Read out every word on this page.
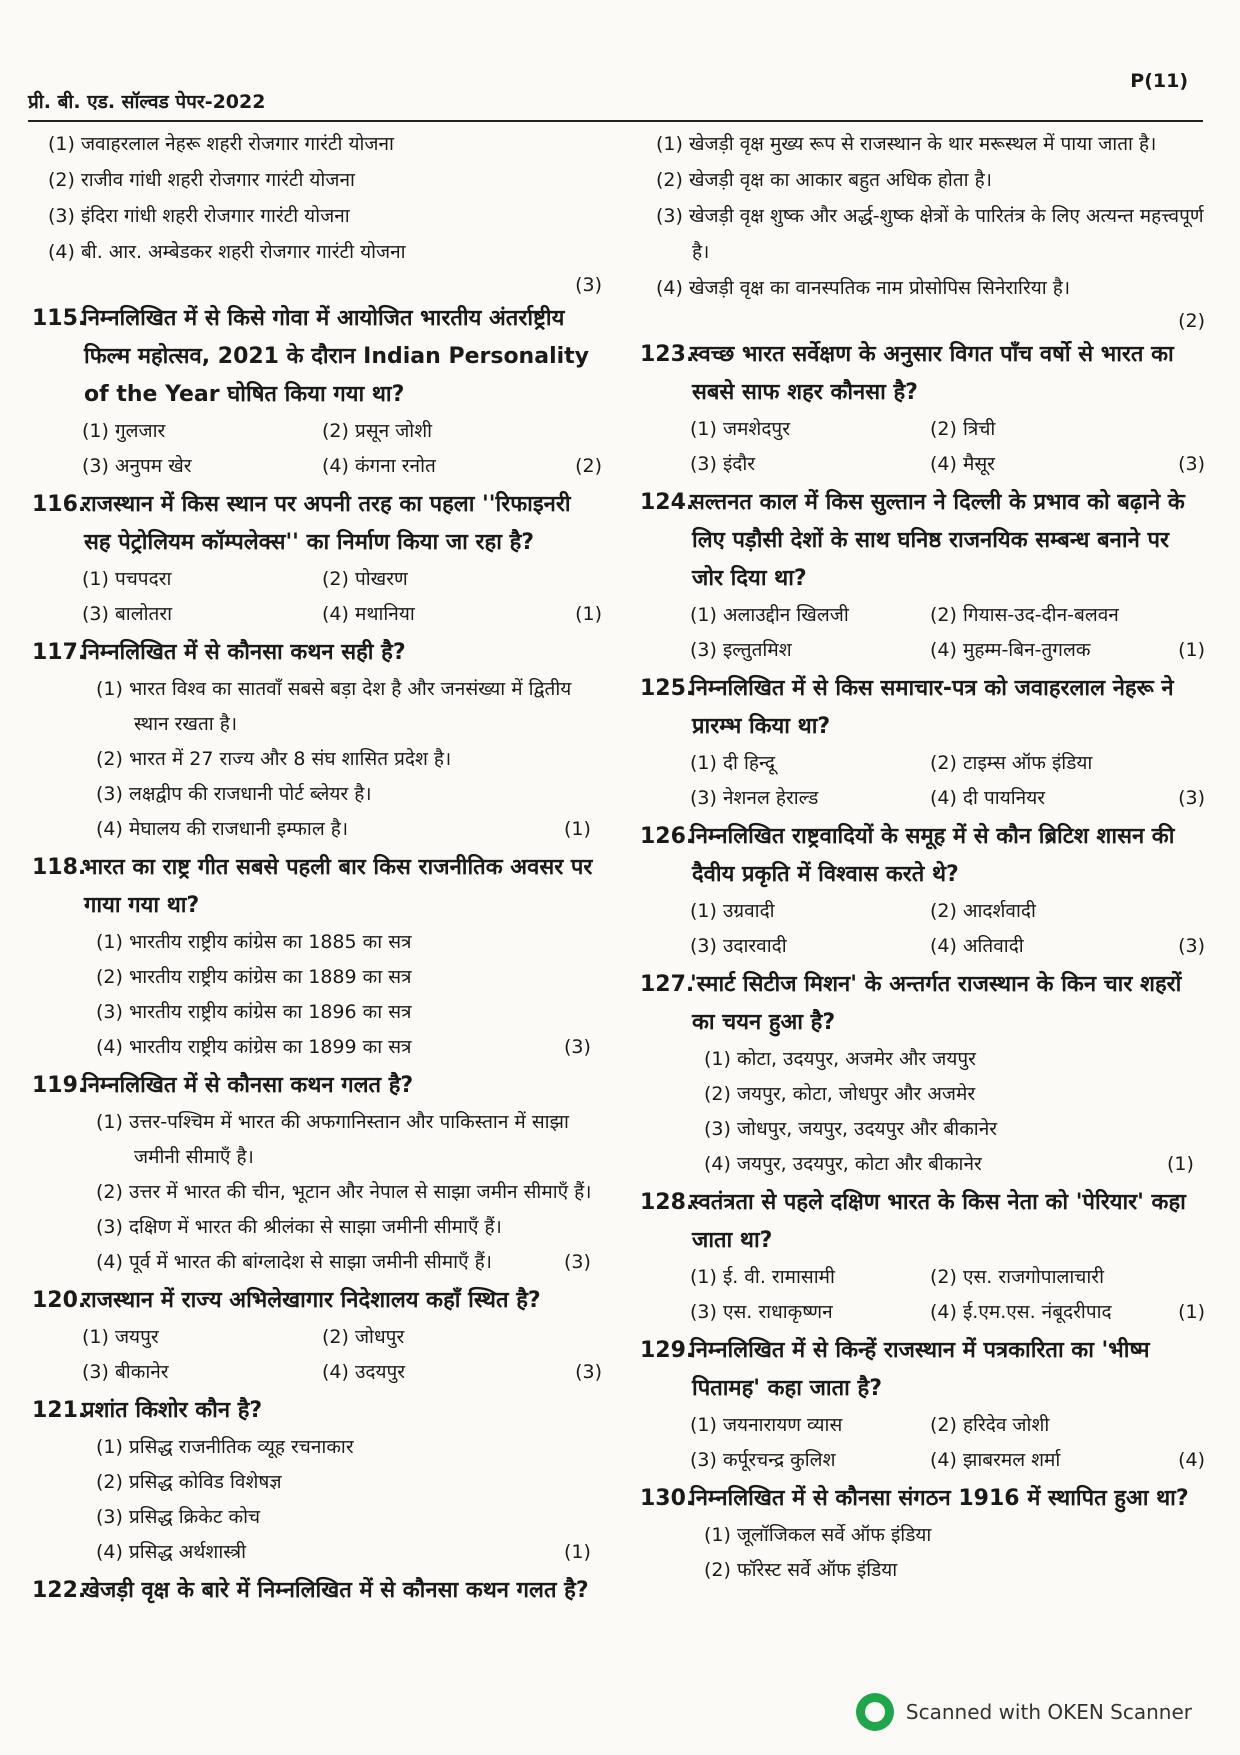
प्री. बी. एड. सॉल्वड पेपर-2022
P(11)
(1) जवाहरलाल नेहरू शहरी रोजगार गारंटी योजना
(2) राजीव गांधी शहरी रोजगार गारंटी योजना
(3) इंदिरा गांधी शहरी रोजगार गारंटी योजना
(4) बी. आर. अम्बेडकर शहरी रोजगार गारंटी योजना
(3)
115.निम्नलिखित में से किसे गोवा में आयोजित भारतीय अंतर्राष्ट्रीय फिल्म महोत्सव, 2021 के दौरान Indian Personality of the Year घोषित किया गया था?
(1) गुलजार	(2) प्रसून जोशी
(3) अनुपम खेर	(4) कंगना रनोत	(2)
116.राजस्थान में किस स्थान पर अपनी तरह का पहला ''रिफाइनरी सह पेट्रोलियम कॉम्पलेक्स'' का निर्माण किया जा रहा है?
(1) पचपदरा	(2) पोखरण
(3) बालोतरा	(4) मथानिया	(1)
117.निम्नलिखित में से कौनसा कथन सही है?
(1) भारत विश्व का सातवाँ सबसे बड़ा देश है और जनसंख्या में द्वितीय स्थान रखता है।
(2) भारत में 27 राज्य और 8 संघ शासित प्रदेश है।
(3) लक्षद्वीप की राजधानी पोर्ट ब्लेयर है।
(4) मेघालय की राजधानी इम्फाल है।	(1)
118.भारत का राष्ट्र गीत सबसे पहली बार किस राजनीतिक अवसर पर गाया गया था?
(1) भारतीय राष्ट्रीय कांग्रेस का 1885 का सत्र
(2) भारतीय राष्ट्रीय कांग्रेस का 1889 का सत्र
(3) भारतीय राष्ट्रीय कांग्रेस का 1896 का सत्र
(4) भारतीय राष्ट्रीय कांग्रेस का 1899 का सत्र	(3)
119.निम्नलिखित में से कौनसा कथन गलत है?
(1) उत्तर-पश्चिम में भारत की अफगानिस्तान और पाकिस्तान में साझा जमीनी सीमाएँ है।
(2) उत्तर में भारत की चीन, भूटान और नेपाल से साझा जमीन सीमाएँ हैं।
(3) दक्षिण में भारत की श्रीलंका से साझा जमीनी सीमाएँ हैं।
(4) पूर्व में भारत की बांग्लादेश से साझा जमीनी सीमाएँ हैं।	(3)
120.राजस्थान में राज्य अभिलेखागार निदेशालय कहाँ स्थित है?
(1) जयपुर	(2) जोधपुर
(3) बीकानेर	(4) उदयपुर	(3)
121.प्रशांत किशोर कौन है?
(1) प्रसिद्ध राजनीतिक व्यूह रचनाकार
(2) प्रसिद्ध कोविड विशेषज्ञ
(3) प्रसिद्ध क्रिकेट कोच
(4) प्रसिद्ध अर्थशास्त्री	(1)
122.खेजड़ी वृक्ष के बारे में निम्नलिखित में से कौनसा कथन गलत है?
(1) खेजड़ी वृक्ष मुख्य रूप से राजस्थान के थार मरूस्थल में पाया जाता है।
(2) खेजड़ी वृक्ष का आकार बहुत अधिक होता है।
(3) खेजड़ी वृक्ष शुष्क और अर्द्ध-शुष्क क्षेत्रों के पारितंत्र के लिए अत्यन्त महत्त्वपूर्ण है।
(4) खेजड़ी वृक्ष का वानस्पतिक नाम प्रोसोपिस सिनेरारिया है।
(2)
123.स्वच्छ भारत सर्वेक्षण के अनुसार विगत पाँच वर्षो से भारत का सबसे साफ शहर कौनसा है?
(1) जमशेदपुर	(2) त्रिची
(3) इंदौर	(4) मैसूर	(3)
124.सल्तनत काल में किस सुल्तान ने दिल्ली के प्रभाव को बढ़ाने के लिए पड़ौसी देशों के साथ घनिष्ठ राजनयिक सम्बन्ध बनाने पर जोर दिया था?
(1) अलाउद्दीन खिलजी	(2) गियास-उद-दीन-बलवन
(3) इल्तुतमिश	(4) मुहम्म-बिन-तुगलक	(1)
125.निम्नलिखित में से किस समाचार-पत्र को जवाहरलाल नेहरू ने प्रारम्भ किया था?
(1) दी हिन्दू	(2) टाइम्स ऑफ इंडिया
(3) नेशनल हेराल्ड	(4) दी पायनियर	(3)
126.निम्नलिखित राष्ट्रवादियों के समूह में से कौन ब्रिटिश शासन की दैवीय प्रकृति में विश्वास करते थे?
(1) उग्रवादी	(2) आदर्शवादी
(3) उदारवादी	(4) अतिवादी	(3)
127.'स्मार्ट सिटीज मिशन' के अन्तर्गत राजस्थान के किन चार शहरों का चयन हुआ है?
(1) कोटा, उदयपुर, अजमेर और जयपुर
(2) जयपुर, कोटा, जोधपुर और अजमेर
(3) जोधपुर, जयपुर, उदयपुर और बीकानेर
(4) जयपुर, उदयपुर, कोटा और बीकानेर	(1)
128.स्वतंत्रता से पहले दक्षिण भारत के किस नेता को 'पेरियार' कहा जाता था?
(1) ई. वी. रामासामी	(2) एस. राजगोपालाचारी
(3) एस. राधाकृष्णन	(4) ई.एम.एस. नंबूदरीपाद	(1)
129.निम्नलिखित में से किन्हें राजस्थान में पत्रकारिता का 'भीष्म पितामह' कहा जाता है?
(1) जयनारायण व्यास	(2) हरिदेव जोशी
(3) कर्पूरचन्द्र कुलिश	(4) झाबरमल शर्मा	(4)
130.निम्नलिखित में से कौनसा संगठन 1916 में स्थापित हुआ था?
(1) जूलॉजिकल सर्वे ऑफ इंडिया
(2) फॉरेस्ट सर्वे ऑफ इंडिया
Scanned with OKEN Scanner
